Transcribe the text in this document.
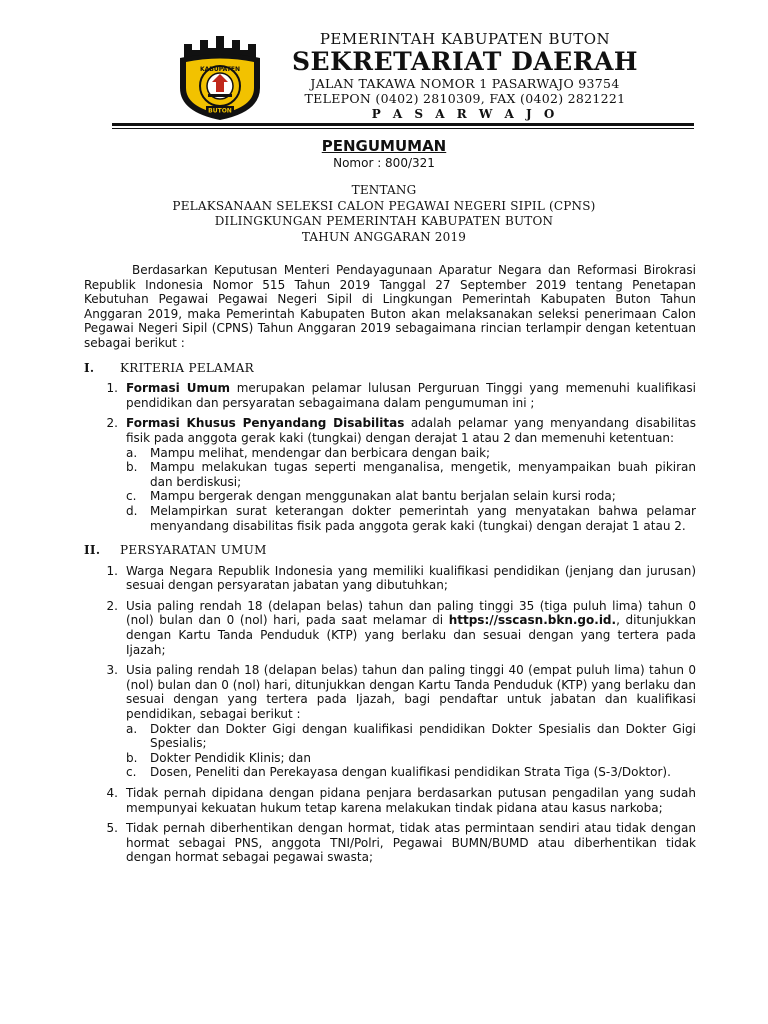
KABUPATEN
BUTON
PEMERINTAH KABUPATEN BUTON
SEKRETARIAT DAERAH
JALAN TAKAWA NOMOR 1 PASARWAJO 93754
TELEPON (0402) 2810309, FAX (0402) 2821221
P A S A R W A J O
PENGUMUMAN
Nomor : 800/321
TENTANG
PELAKSANAAN SELEKSI CALON PEGAWAI NEGERI SIPIL (CPNS)
DILINGKUNGAN PEMERINTAH KABUPATEN BUTON
TAHUN ANGGARAN 2019

Berdasarkan Keputusan Menteri Pendayagunaan Aparatur Negara dan Reformasi Birokrasi Republik Indonesia Nomor 515 Tahun 2019 Tanggal 27 September 2019 tentang Penetapan Kebutuhan Pegawai Pegawai Negeri Sipil di Lingkungan Pemerintah Kabupaten Buton Tahun Anggaran 2019, maka Pemerintah Kabupaten Buton akan melaksanakan seleksi penerimaan Calon Pegawai Negeri Sipil (CPNS) Tahun Anggaran 2019 sebagaimana rincian terlampir dengan ketentuan sebagai berikut :

I.	KRITERIA PELAMAR
1. Formasi Umum merupakan pelamar lulusan Perguruan Tinggi yang memenuhi kualifikasi pendidikan dan persyaratan sebagaimana dalam pengumuman ini ;
2. Formasi Khusus Penyandang Disabilitas adalah pelamar yang menyandang disabilitas fisik pada anggota gerak kaki (tungkai) dengan derajat 1 atau 2 dan memenuhi ketentuan:
a.	Mampu melihat, mendengar dan berbicara dengan baik;
b.	Mampu melakukan tugas seperti menganalisa, mengetik, menyampaikan buah pikiran dan berdiskusi;
c.	Mampu bergerak dengan menggunakan alat bantu berjalan selain kursi roda;
d.	Melampirkan surat keterangan dokter pemerintah yang menyatakan bahwa pelamar menyandang disabilitas fisik pada anggota gerak kaki (tungkai) dengan derajat 1 atau 2.
II.	PERSYARATAN UMUM
1. Warga Negara Republik Indonesia yang memiliki kualifikasi pendidikan (jenjang dan jurusan) sesuai dengan persyaratan jabatan yang dibutuhkan;
2. Usia paling rendah 18 (delapan belas) tahun dan paling tinggi 35 (tiga puluh lima) tahun 0 (nol) bulan dan 0 (nol) hari, pada saat melamar di https://sscasn.bkn.go.id., ditunjukkan dengan Kartu Tanda Penduduk (KTP) yang berlaku dan sesuai dengan yang tertera pada Ijazah;
3. Usia paling rendah 18 (delapan belas) tahun dan paling tinggi 40 (empat puluh lima) tahun 0 (nol) bulan dan 0 (nol) hari, ditunjukkan dengan Kartu Tanda Penduduk (KTP) yang berlaku dan sesuai dengan yang tertera pada Ijazah, bagi pendaftar untuk jabatan dan kualifikasi pendidikan, sebagai berikut :
a.	Dokter dan Dokter Gigi dengan kualifikasi pendidikan Dokter Spesialis dan Dokter Gigi Spesialis;
b.	Dokter Pendidik Klinis; dan
c.	Dosen, Peneliti dan Perekayasa dengan kualifikasi pendidikan Strata Tiga (S-3/Doktor).
4. Tidak pernah dipidana dengan pidana penjara berdasarkan putusan pengadilan yang sudah mempunyai kekuatan hukum tetap karena melakukan tindak pidana atau kasus narkoba;
5. Tidak pernah diberhentikan dengan hormat, tidak atas permintaan sendiri atau tidak dengan hormat sebagai PNS, anggota TNI/Polri, Pegawai BUMN/BUMD atau diberhentikan tidak dengan hormat sebagai pegawai swasta;
